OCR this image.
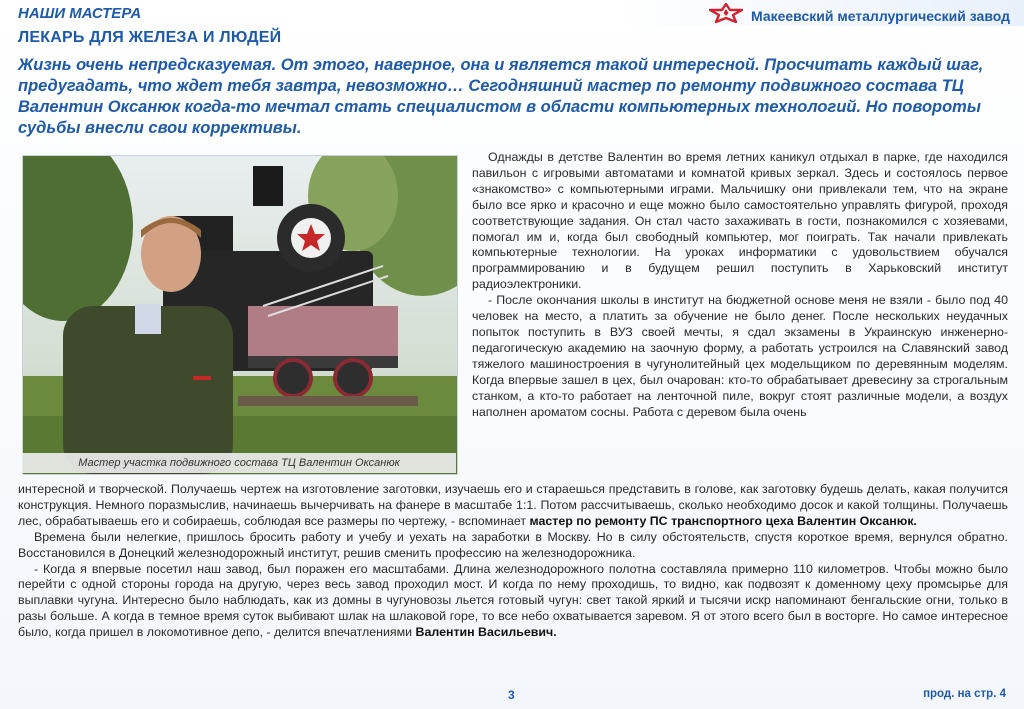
НАШИ МАСТЕРА	Макеевский металлургический завод
ЛЕКАРЬ ДЛЯ ЖЕЛЕЗА И ЛЮДЕЙ
Жизнь очень непредсказуемая. От этого, наверное, она и является такой интересной. Просчитать каждый шаг, предугадать, что ждет тебя завтра, невозможно… Сегодняшний мастер по ремонту подвижного состава ТЦ Валентин Оксанюк когда-то мечтал стать специалистом в области компьютерных технологий. Но повороты судьбы внесли свои коррективы.
Мастер участка подвижного состава ТЦ Валентин Оксанюк

Однажды в детстве Валентин во время летних каникул отдыхал в парке, где находился павильон с игровыми автоматами и комнатой кривых зеркал. Здесь и состоялось первое «знакомство» с компьютерными играми. Мальчишку они привлекали тем, что на экране было все ярко и красочно и еще можно было самостоятельно управлять фигурой, проходя соответствующие задания. Он стал часто захаживать в гости, познакомился с хозяевами, помогал им и, когда был свободный компьютер, мог поиграть. Так начали привлекать компьютерные технологии. На уроках информатики с удовольствием обучался программированию и в будущем решил поступить в Харьковский институт радиоэлектроники.

- После окончания школы в институт на бюджетной основе меня не взяли - было под 40 человек на место, а платить за обучение не было денег. После нескольких неудачных попыток поступить в ВУЗ своей мечты, я сдал экзамены в Украинскую инженерно-педагогическую академию на заочную форму, а работать устроился на Славянский завод тяжелого машиностроения в чугунолитейный цех модельщиком по деревянным моделям. Когда впервые зашел в цех, был очарован: кто-то обрабатывает древесину за строгальным станком, а кто-то работает на ленточной пиле, вокруг стоят различные модели, а воздух наполнен ароматом сосны. Работа с деревом была очень

интересной и творческой. Получаешь чертеж на изготовление заготовки, изучаешь его и стараешься представить в голове, как заготовку будешь делать, какая получится конструкция. Немного поразмыслив, начинаешь вычерчивать на фанере в масштабе 1:1. Потом рассчитываешь, сколько необходимо досок и какой толщины. Получаешь лес, обрабатываешь его и собираешь, соблюдая все размеры по чертежу, - вспоминает мастер по ремонту ПС транспортного цеха Валентин Оксанюк.

Времена были нелегкие, пришлось бросить работу и учебу и уехать на заработки в Москву. Но в силу обстоятельств, спустя короткое время, вернулся обратно. Восстановился в Донецкий железнодорожный институт, решив сменить профессию на железнодорожника.

- Когда я впервые посетил наш завод, был поражен его масштабами. Длина железнодорожного полотна составляла примерно 110 километров. Чтобы можно было перейти с одной стороны города на другую, через весь завод проходил мост. И когда по нему проходишь, то видно, как подвозят к доменному цеху промсырье для выплавки чугуна. Интересно было наблюдать, как из домны в чугуновозы льется готовый чугун: свет такой яркий и тысячи искр напоминают бенгальские огни, только в разы больше. А когда в темное время суток выбивают шлак на шлаковой горе, то все небо охватывается заревом. Я от этого всего был в восторге. Но самое интересное было, когда пришел в локомотивное депо, - делится впечатлениями Валентин Васильевич.

3	прод. на стр. 4
